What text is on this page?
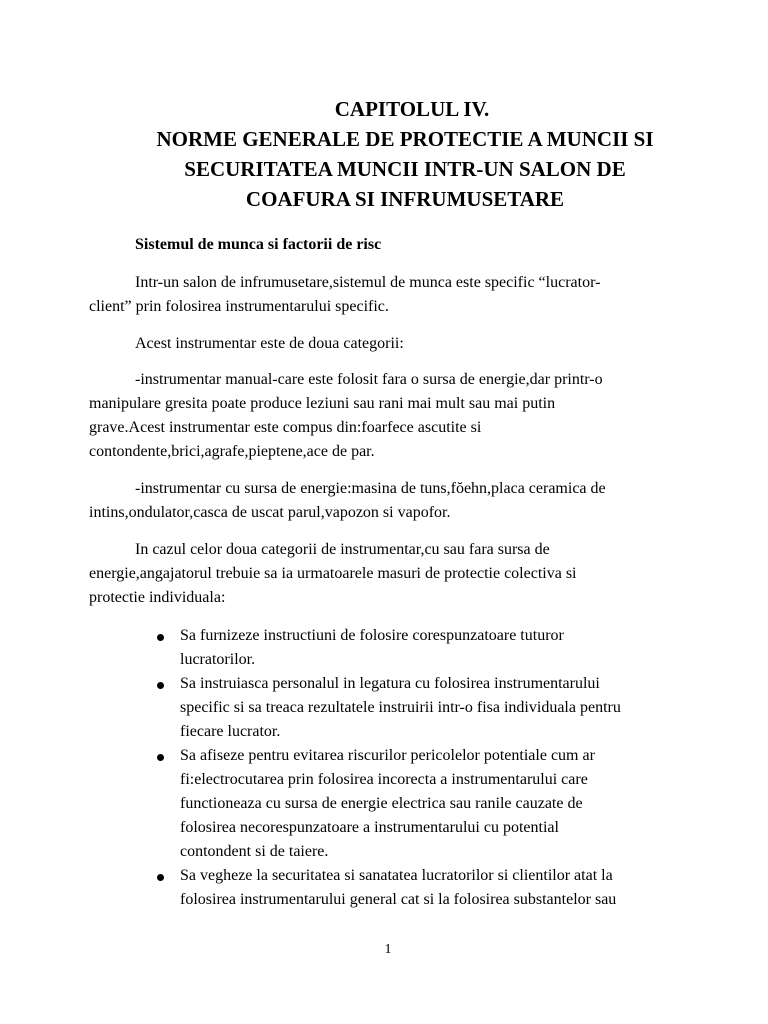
CAPITOLUL IV.
NORME GENERALE DE PROTECTIE A MUNCII SI
SECURITATEA MUNCII INTR-UN SALON DE
COAFURA SI INFRUMUSETARE
Sistemul de munca si factorii de risc
Intr-un salon de infrumusetare,sistemul de munca este specific “lucrator-
client” prin folosirea instrumentarului specific.
Acest instrumentar este de doua categorii:
-instrumentar manual-care este folosit fara o sursa de energie,dar printr-o
manipulare gresita poate produce leziuni sau rani mai mult sau mai putin
grave.Acest instrumentar este compus din:foarfece ascutite si
contondente,brici,agrafe,pieptene,ace de par.
-instrumentar cu sursa de energie:masina de tuns,fŏehn,placa ceramica de
intins,ondulator,casca de uscat parul,vapozon si vapofor.
In cazul celor doua categorii de instrumentar,cu sau fara sursa de
energie,angajatorul trebuie sa ia urmatoarele masuri de protectie colectiva si
protectie individuala:
Sa furnizeze instructiuni de folosire corespunzatoare tuturor
lucratorilor.
Sa instruiasca personalul in legatura cu folosirea instrumentarului
specific si sa treaca rezultatele instruirii intr-o fisa individuala pentru
fiecare lucrator.
Sa afiseze pentru evitarea riscurilor pericolelor potentiale cum ar
fi:electrocutarea prin folosirea incorecta a instrumentarului care
functioneaza cu sursa de energie electrica sau ranile cauzate de
folosirea necorespunzatoare a instrumentarului cu potential
contondent si de taiere.
Sa vegheze la securitatea si sanatatea lucratorilor si clientilor atat la
folosirea instrumentarului general cat si la folosirea substantelor sau
1
